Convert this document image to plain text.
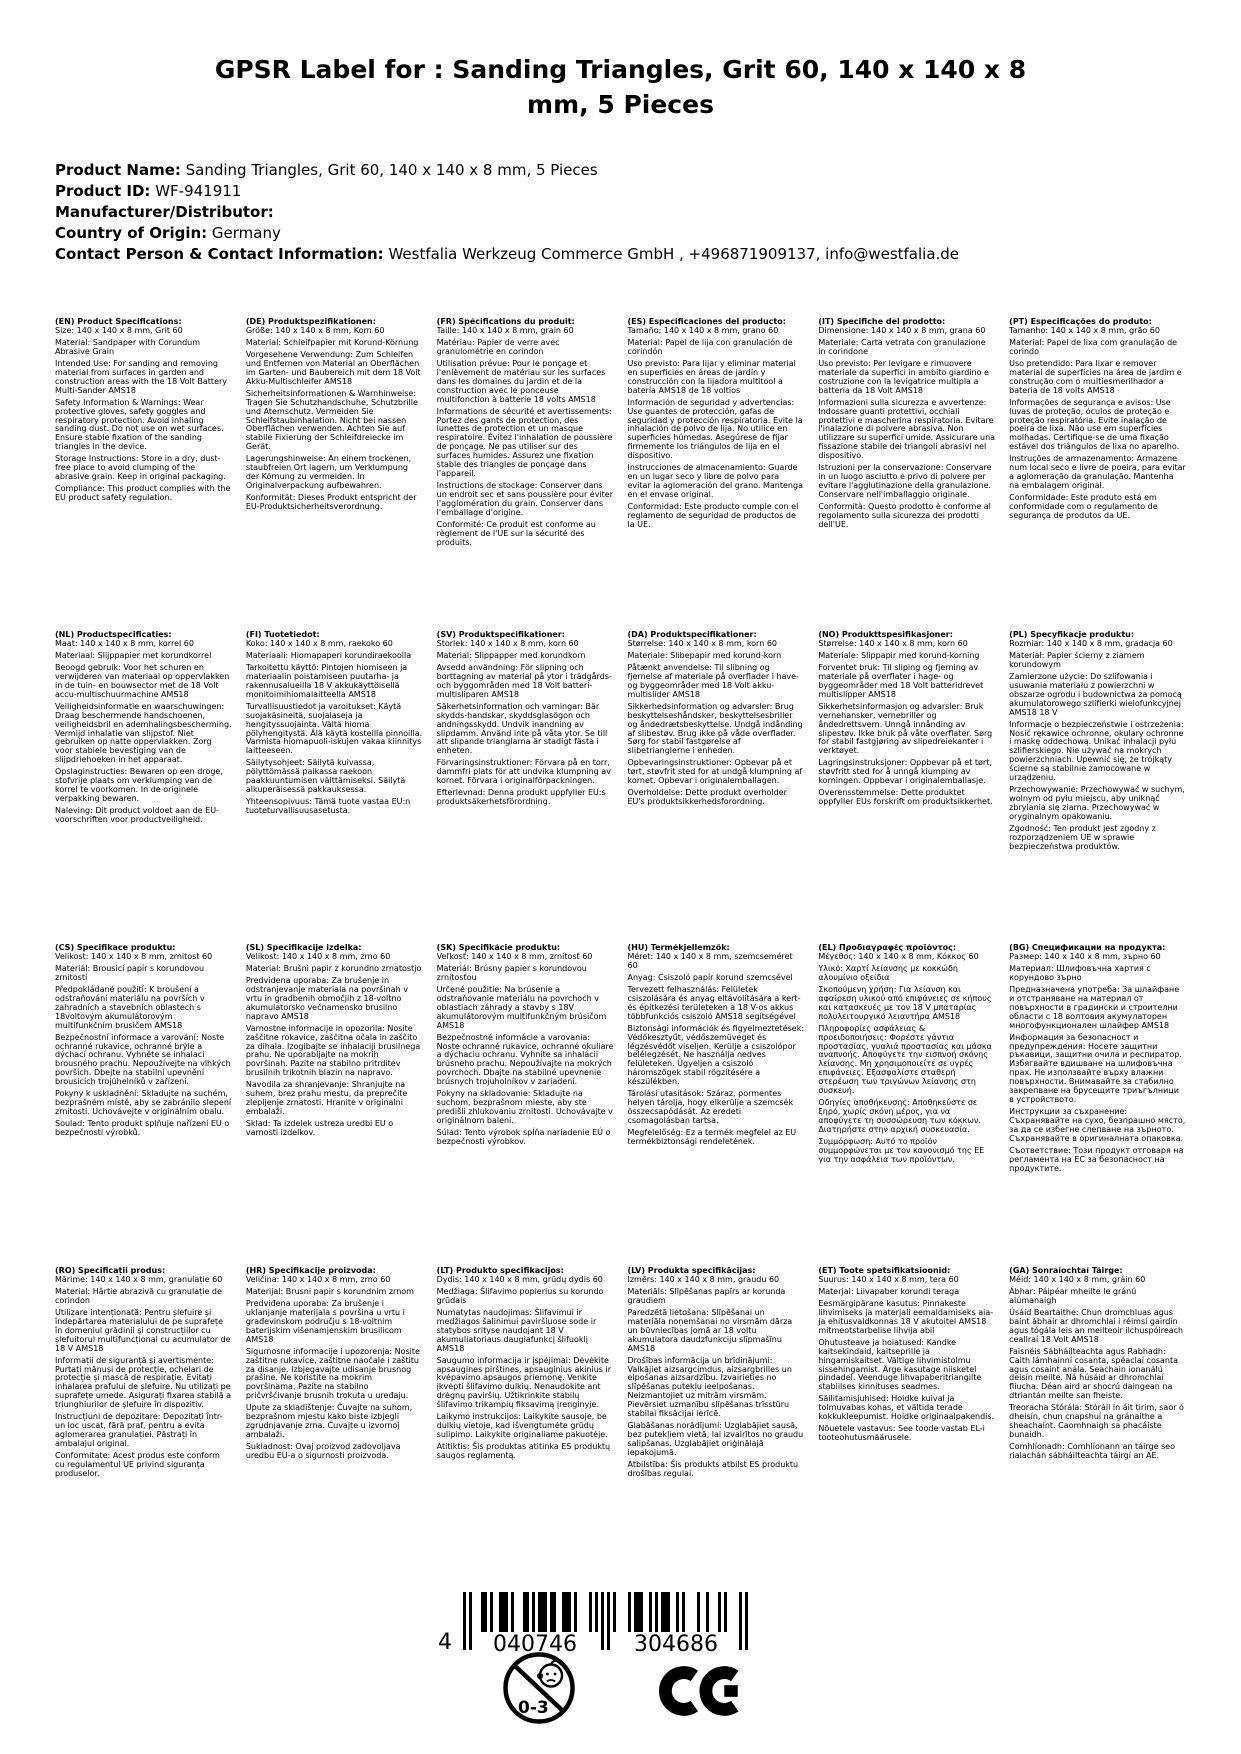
GPSR Label for : Sanding Triangles, Grit 60, 140 x 140 x 8 mm, 5 Pieces
Product Name: Sanding Triangles, Grit 60, 140 x 140 x 8 mm, 5 Pieces
Product ID: WF-941911
Manufacturer/Distributor:
Country of Origin: Germany
Contact Person & Contact Information: Westfalia Werkzeug Commerce GmbH , +496871909137, info@westfalia.de
(EN) Product Specifications:

Size: 140 x 140 x 8 mm, Grit 60

Material: Sandpaper with Corundum Abrasive Grain

Intended Use: For sanding and removing material from surfaces in garden and construction areas with the 18 Volt Battery Multi-Sander AMS18

Safety Information & Warnings: Wear protective gloves, safety goggles and respiratory protection. Avoid inhaling sanding dust. Do not use on wet surfaces. Ensure stable fixation of the sanding triangles in the device.

Storage Instructions: Store in a dry, dust-free place to avoid clumping of the abrasive grain. Keep in original packaging.

Compliance: This product complies with the EU product safety regulation.

(DE) Produktspezifikationen:

Größe: 140 x 140 x 8 mm, Korn 60

Material: Schleifpapier mit Korund-Körnung

Vorgesehene Verwendung: Zum Schleifen und Entfernen von Material an Oberflächen im Garten- und Baubereich mit dem 18 Volt Akku-Multischleifer AMS18

Sicherheitsinformationen & Warnhinweise: Tragen Sie Schutzhandschuhe, Schutzbrille und Atemschutz. Vermeiden Sie Schleifstaubinhalation. Nicht bei nassen Oberflächen verwenden. Achten Sie auf stabile Fixierung der Schleifdreiecke im Gerät.

Lagerungshinweise: An einem trockenen, staubfreien Ort lagern, um Verklumpung der Körnung zu vermeiden. In Originalverpackung aufbewahren.

Konformität: Dieses Produkt entspricht der EU-Produktsicherheitsverordnung.

(FR) Spécifications du produit:

Taille: 140 x 140 x 8 mm, grain 60

Matériau: Papier de verre avec granulométrie en corindon

Utilisation prévue: Pour le ponçage et l'enlèvement de matériau sur les surfaces dans les domaines du jardin et de la construction avec le ponceuse multifonction à batterie 18 volts AMS18

Informations de sécurité et avertissements: Portez des gants de protection, des lunettes de protection et un masque respiratoire. Évitez l'inhalation de poussière de ponçage. Ne pas utiliser sur des surfaces humides. Assurez une fixation stable des triangles de ponçage dans l'appareil.

Instructions de stockage: Conserver dans un endroit sec et sans poussière pour éviter l'agglomération du grain. Conserver dans l'emballage d'origine.

Conformité: Ce produit est conforme au règlement de l'UE sur la sécurité des produits.

(ES) Especificaciones del producto:

Tamaño: 140 x 140 x 8 mm, grano 60

Material: Papel de lija con granulación de corindón

Uso previsto: Para lijar y eliminar material en superficies en áreas de jardín y construcción con la lijadora multitool a batería AMS18 de 18 voltios

Información de seguridad y advertencias: Use guantes de protección, gafas de seguridad y protección respiratoria. Evite la inhalación de polvo de lija. No utilice en superficies húmedas. Asegúrese de fijar firmemente los triángulos de lija en el dispositivo.

Instrucciones de almacenamiento: Guarde en un lugar seco y libre de polvo para evitar la aglomeración del grano. Mantenga en el envase original.

Conformidad: Este producto cumple con el reglamento de seguridad de productos de la UE.

(IT) Specifiche del prodotto:

Dimensione: 140 x 140 x 8 mm, grana 60

Materiale: Carta vetrata con granulazione in corindone

Uso previsto: Per levigare e rimuovere materiale da superfici in ambito giardino e costruzione con la levigatrice multipla a batteria da 18 Volt AMS18

Informazioni sulla sicurezza e avvertenze: Indossare guanti protettivi, occhiali protettivi e mascherina respiratoria. Evitare l'inalazione di polvere abrasiva. Non utilizzare su superfici umide. Assicurare una fissazione stabile dei triangoli abrasivi nel dispositivo.

Istruzioni per la conservazione: Conservare in un luogo asciutto e privo di polvere per evitare l'agglutinazione della granulazione. Conservare nell'imballaggio originale.

Conformità: Questo prodotto è conforme al regolamento sulla sicurezza dei prodotti dell'UE.

(PT) Especificações do produto:

Tamanho: 140 x 140 x 8 mm, grão 60

Material: Papel de lixa com granulação de corindo

Uso pretendido: Para lixar e remover material de superfícies na área de jardim e construção com o multiesmerilhador a bateria de 18 volts AMS18

Informações de segurança e avisos: Use luvas de proteção, óculos de proteção e proteção respiratória. Evite inalação de poeira de lixa. Não use em superfícies molhadas. Certifique-se de uma fixação estável dos triângulos de lixa no aparelho.

Instruções de armazenamento: Armazene num local seco e livre de poeira, para evitar a aglomeração da granulação. Mantenha na embalagem original.

Conformidade: Este produto está em conformidade com o regulamento de segurança de produtos da UE.

(NL) Productspecificaties:

Maat: 140 x 140 x 8 mm, korrel 60

Materiaal: Slijppapier met korundkorrel

Beoogd gebruik: Voor het schuren en verwijderen van materiaal op oppervlakken in de tuin- en bouwsector met de 18 Volt accu-multischuurmachine AMS18

Veiligheidsinformatie en waarschuwingen: Draag beschermende handschoenen, veiligheidsbril en ademhalingsbescherming. Vermijd inhalatie van slijpstof. Niet gebruiken op natte oppervlakken. Zorg voor stabiele bevestiging van de slijpdriehoeken in het apparaat.

Opslaginstructies: Bewaren op een droge, stofvrije plaats om verklumping van de korrel te voorkomen. In de originele verpakking bewaren.

Naleving: Dit product voldoet aan de EU-voorschriften voor productveiligheid.

(FI) Tuotetiedot:

Koko: 140 x 140 x 8 mm, raekoko 60

Materiaali: Hiomapaperi korundiraekoolla

Tarkoitettu käyttö: Pintojen hiomiseen ja materiaalin poistamiseen puutarha- ja rakennusalueilla 18 V akkukäyttöisellä monitoimihiomalaitteella AMS18

Turvallisuustiedot ja varoitukset: Käytä suojakäsineitä, suojalaseja ja hengityssuojainta. Vältä hioma pölyhengitystä. Älä käytä kosteilla pinnoilla. Varmista hiomapuoli-iskujen vakaa kiinnitys laitteeseen.

Säilytysohjeet: Säilytä kuivassa, pölyttömässä paikassa raekoon paakkuuntumisen välttämiseksi. Säilytä alkuperäisessä pakkauksessa.

Yhteensopivuus: Tämä tuote vastaa EU:n tuoteturvallisuusasetusta.

(SV) Produktspecifikationer:

Storlek: 140 x 140 x 8 mm, korn 60

Material: Slippapper med korundkorn

Avsedd användning: För slipning och borttagning av material på ytor i trädgårds- och byggområden med 18 Volt batteri-multisliparen AMS18

Säkerhetsinformation och varningar: Bär skydds-handskar, skyddsglasögon och andningsskydd. Undvik inandning av slipdamm. Använd inte på våta ytor. Se till att slipande trianglarna är stadigt fästa i enheten.

Förvaringsinstruktioner: Förvara på en torr, dammfri plats för att undvika klumpning av kornet. Förvara i originalförpackningen.

Efterlevnad: Denna produkt uppfyller EU:s produktsäkerhetsförordning.

(DA) Produktspecifikationer:

Størrelse: 140 x 140 x 8 mm, korn 60

Materiale: Slibepapir med korund-korn

Påtænkt anvendelse: Til slibning og fjernelse af materiale på overflader i have- og byggeområder med 18 Volt akku-multislider AMS18

Sikkerhedsinformation og advarsler: Brug beskyttelseshåndsker, beskyttelsesbriller og åndedrætsbeskyttelse. Undgå indånding af slibestøv. Brug ikke på våde overflader. Sørg for stabil fastgørelse af slibetrianglerne i enheden.

Opbevaringsinstruktioner: Opbevar på et tørt, støvfrit sted for at undgå klumpning af kornet. Opbevar i originalemballagen.

Overholdelse: Dette produkt overholder EU's produktsikkerhedsforordning.

(NO) Produkttspesifikasjoner:

Størrelse: 140 x 140 x 8 mm, korn 60

Materiale: Slippapir med korund-korning

Forventet bruk: Til sliping og fjerning av materiale på overflater i hage- og byggeområder med 18 Volt batteridrevet multislipper AMS18

Sikkerhetsinformasjon og advarsler: Bruk vernehansker, vernebriller og åndedrettsvern. Unngå innånding av slipestøv. Ikke bruk på våte overflater. Sørg for stabil fastgjøring av slipedreiekanter i verktøyet.

Lagringsinstruksjoner: Oppbevar på et tørt, støvfritt sted for å unngå klumping av korningen. Oppbevar i originalemballasje.

Overensstemmelse: Dette produktet oppfyller EUs forskrift om produktsikkerhet.

(PL) Specyfikacje produktu:

Rozmiar: 140 x 140 x 8 mm, gradacja 60

Materiał: Papier ścierny z ziarnem korundowym

Zamierzone użycie: Do szlifowania i usuwania materiału z powierzchni w obszarze ogrodu i budownictwa za pomocą akumulatorowego szlifierki wielofunkcyjnej AMS18 18 V

Informacje o bezpieczeństwie i ostrzeżenia: Nosić rękawice ochronne, okulary ochronne i maskę oddechową. Unikać inhalacji pyłu szlifierskiego. Nie używać na mokrych powierzchniach. Upewnić się, że trójkąty ścierne są stabilnie zamocowane w urządzeniu.

Przechowywanie: Przechowywać w suchym, wolnym od pyłu miejscu, aby uniknąć zbrylania się ziarna. Przechowywać w oryginalnym opakowaniu.

Zgodność: Ten produkt jest zgodny z rozporządzeniem UE w sprawie bezpieczeństwa produktów.

(CS) Specifikace produktu:

Velikost: 140 x 140 x 8 mm, zrnitost 60

Materiál: Brousicí papír s korundovou zrnitostí

Předpokládané použití: K broušení a odstraňování materiálu na površích v zahradních a stavebních oblastech s 18voltovým akumulátorovým multifunkčním brusičem AMS18

Bezpečnostní informace a varování: Noste ochranné rukavice, ochranné brýle a dýchací ochranu. Vyhněte se inhalaci brousného prachu. Nepoužívejte na vlhkých površích. Dbejte na stabilní upevnění brousicích trojúhelníků v zařízení.

Pokyny k uskladnění: Skladujte na suchém, bezprašném místě, aby se zabránilo slepení zrnitosti. Uchovávejte v originálním obalu.

Soulad: Tento produkt splňuje nařízení EU o bezpečnosti výrobků.

(SL) Specifikacije izdelka:

Velikost: 140 x 140 x 8 mm, zrno 60

Material: Brušni papir z korundno zrnatostjo

Predvidena uporaba: Za brušenje in odstranjevanje materiala na površinah v vrtu in gradbenih območjih z 18-voltno akumulatorsko večnamensko brusilno napravo AMS18

Varnostne informacije in opozorila: Nosite zaščitne rokavice, zaščitna očala in zaščito za dihala. Izogibajte se inhalaciji brusilnega prahu. Ne uporabljajte na mokrih površinah. Pazite na stabilno pritrditev brusilnih trikotnih blazin na napravo.

Navodila za shranjevanje: Shranjujte na suhem, brez prahu mestu, da preprečite zlepljenje zrnatosti. Hranite v originalni embalaži.

Sklad: Ta izdelek ustreza uredbi EU o varnosti izdelkov.

(SK) Špecifikácie produktu:

Veľkosť: 140 x 140 x 8 mm, zrnitosť 60

Materiál: Brúsny papier s korundovou zrnitosťou

Určené použitie: Na brúsenie a odstraňovanie materiálu na povrchoch v oblastiach záhrady a stavby s 18V akumulátorovým multifunkčným brúsičom AMS18

Bezpečnostné informácie a varovania: Noste ochranné rukavice, ochranné okuliare a dýchaciu ochranu. Vyhnite sa inhalácii brúsneho prachu. Nepoužívajte na mokrých povrchoch. Dbajte na stabilné upevnenie brúsnych trojuholníkov v zariadení.

Pokyny na skladovanie: Skladujte na suchom, bezprašnom mieste, aby ste predišli zhlukovaniu zrnitosti. Uchovávajte v originálnom balení.

Súlad: Tento výrobok spĺňa nariadenie EÚ o bezpečnosti výrobkov.

(HU) Termékjellemzők:

Méret: 140 x 140 x 8 mm, szemcseméret 60

Anyag: Csiszoló papír korund szemcsével

Tervezett felhasználás: Felületek csiszolására és anyag eltávolítására a kert- és építkezési területeken a 18 V-os akkus többfunkciós csiszoló AMS18 segítségével

Biztonsági információk és figyelmeztetések: Védőkesztyűt, védőszemüveget és légzésvédőt viseljen. Kerülje a csiszolópor belélegzését. Ne használja nedves felületeken. Ügyeljen a csiszoló háromszögek stabil rögzítésére a készülékben.

Tárolási utasítások: Száraz, pormentes helyen tárolja, hogy elkerülje a szemcsék összecsapódását. Az eredeti csomagolásban tartsa.

Megfelelőség: Ez a termék megfelel az EU termékbiztonsági rendeletének.

(EL) Προδιαγραφές προϊόντος:

Μέγεθος: 140 x 140 x 8 mm, Κόκκος 60

Υλικό: Χαρτί λείανσης με κοκκώδη αλουμίνιο οξείδια

Σκοπούμενη χρήση: Για λείανση και αφαίρεση υλικού από επιφάνειες σε κήπους και κατασκευές με τον 18 V μπαταρίας πολυλειτουργικό λειαντήρα AMS18

Πληροφορίες ασφάλειας & προειδοποιήσεις: Φορέστε γάντια προστασίας, γυαλιά προστασίας και μάσκα αναπνοής. Αποφύγετε την εισπνοή σκόνης λείανσης. Μη χρησιμοποιείτε σε υγρές επιφάνειες. Εξασφαλίστε σταθερή στερέωση των τριγώνων λείανσης στη συσκευή.

Οδηγίες αποθήκευσης: Αποθηκεύστε σε ξηρό, χωρίς σκόνη μέρος, για να αποφύγετε τη συσσώρευση των κόκκων. Διατηρήστε στην αρχική συσκευασία.

Συμμόρφωση: Αυτό το προϊόν συμμορφώνεται με τον κανονισμό της ΕΕ για την ασφάλεια των προϊόντων.

(BG) Спецификации на продукта:

Размер: 140 x 140 x 8 mm, зърно 60

Материал: Шлифовъчна хартия с корундово зърно

Предназначена употреба: За шлайфане и отстраняване на материал от повърхности в градински и строителни области с 18 волтовия акумулаторен многофункционален шлайфер AMS18

Информация за безопасност и предупреждения: Носете защитни ръкавици, защитни очила и респиратор. Избягвайте вдишване на шлифовъчна прах. Не използвайте върху влажни повърхности. Внимавайте за стабилно закрепване на брусещите триъгълници в устройството.

Инструкции за съхранение: Съхранявайте на сухо, безпрашно място, за да се избегне слепване на зърното. Съхранявайте в оригиналната опаковка.

Съответствие: Този продукт отговаря на регламента на ЕС за безопасност на продуктите.

(RO) Specificații produs:

Mărime: 140 x 140 x 8 mm, granulație 60

Material: Hârtie abrazivă cu granulație de corindon

Utilizare intenționată: Pentru șlefuire și îndepărtarea materialului de pe suprafețe în domeniul grădinii și construcțiilor cu șlefuitorul multifuncțional cu acumulator de 18 V AMS18

Informații de siguranță și avertismente: Purtați mănuși de protecție, ochelari de protecție și mască de respirație. Evitați inhalarea prafului de șlefuire. Nu utilizați pe suprafețe umede. Asigurați fixarea stabilă a triunghiurilor de șlefuire în dispozitiv.

Instrucțiuni de depozitare: Depozitați într-un loc uscat, fără praf, pentru a evita aglomerarea granulației. Păstrați în ambalajul original.

Conformitate: Acest produs este conform cu regulamentul UE privind siguranța produselor.

(HR) Specifikacije proizvoda:

Veličina: 140 x 140 x 8 mm, zrno 60

Materijal: Brusni papir s korundnim zrnom

Predviđena uporaba: Za brušenje i uklanjanje materijala s površina u vrtu i građevinskom području s 18-voltnim baterijskim višenamjenskim brusilicom AMS18

Sigurnosne informacije i upozorenja: Nosite zaštitne rukavice, zaštitne naočale i zaštitu za disanje. Izbjegavajte udisanje brusnog prašine. Ne koristite na mokrim površinama. Pazite na stabilno pričvršćivanje brusnih trokuta u uređaju.

Upute za skladištenje: Čuvajte na suhom, bezprašnom mjestu kako biste izbjegli zgrudnjavanje zrna. Čuvajte u izvornoj ambalaži.

Sukladnost: Ovaj proizvod zadovoljava uredbu EU-a o sigurnosti proizvoda.

(LT) Produkto specifikacijos:

Dydis: 140 x 140 x 8 mm, grūdų dydis 60

Medžiaga: Šlifavimo popierius su korundo grūdais

Numatytas naudojimas: Šlifavimui ir medžiagos šalinimui paviršiuose sode ir statybos srityse naudojant 18 V akumuliatoriaus daugiafunkcį šlifuoklį AMS18

Saugumo informacija ir įspėjimai: Dėvėkite apsaugines pirštines, apsauginius akinius ir kvėpavimo apsaugos priemonę. Venkite įkvėpti šlifavimo dulkių. Nenaudokite ant drėgnų paviršių. Užtikrinkite stabilų šlifavimo trikampių fiksavimą įrenginyje.

Laikymo instrukcijos: Laikykite sausoje, be dulkių vietoje, kad išvengtumėte grūdų sulipimo. Laikykite originaliame pakuotėje.

Atitiktis: Šis produktas atitinka ES produktų saugos reglamentą.

(LV) Produkta specifikācijas:

Izmērs: 140 x 140 x 8 mm, graudu 60

Materiāls: Slīpēšanas papīrs ar korunda graudiem

Paredzētā lietošana: Slīpēšanai un materiāla noņemšanai no virsmām dārza un būvniecības jomā ar 18 voltu akumulatora daudzfunkciju slīpmašīnu AMS18

Drošības informācija un brīdinājumi: Valkājiet aizsargcimdus, aizsargbrilles un elpošanas aizsardzību. Izvairieties no slīpēšanas putekļu ieelpošanas. Neizmantojiet uz mitrām virsmām. Pievērsiet uzmanību slīpēšanas trīsstūru stabilai fiksācijai ierīcē.

Glabāšanas norādījumi: Uzglabājiet sausā, bez putekļiem vietā, lai izvairītos no graudu salipšanas. Uzglabājiet oriģinālajā iepakojumā.

Atbilstība: Šis produkts atbilst ES produktu drošības regulai.

(ET) Toote spetsifikatsioonid:

Suurus: 140 x 140 x 8 mm, tera 60

Materjal: Liivapaber korundi teraga

Eesmärgipärane kasutus: Pinnakeste lihvimiseks ja materjali eemaldamiseks aia- ja ehitusvaldkonnas 18 V akutoitel AMS18 mitmeotstarbelise lihvija abil

Ohutusteave ja hoiatused: Kandke kaitsekindaid, kaitseprille ja hingamiskaitset. Vältige lihvimistolmu sissehingamist. Ärge kasutage niisketel pindadel. Veenduge lihvapaberitriangilte stabiilses kinnituses seadmes.

Säilitamisjuhised: Hoidke kuival ja tolmuvabas kohas, et vältida terade kokkukleepumist. Hoidke originaalpakendis.

Nõuetele vastavus: See toode vastab EL-i tooteohutusmäärusele.

(GA) Sonraíochtaí Táirge:

Méid: 140 x 140 x 8 mm, gráin 60

Ábhar: Páipéar mheilte le gránú alúmanaigh

Úsáid Beartaithe: Chun dromchluas agus baint ábhair ar dhromchlaí i réimsí gairdín agus tógála leis an meilteoir ilchuspóireach ceallraí 18 Volt AMS18

Faisnéis Sábháilteachta agus Rabhadh: Caith lámhainní cosanta, spéaclaí cosanta agus cosaint anála. Seachain ionanálú deisín meilte. Ná húsáid ar dhromchlaí fliucha. Déan aird ar shocrú daingean na dtriantán meilte san fheiste.

Treoracha Stórála: Stóráil in áit tirim, saor ó dheisín, chun cnapshuí na gránaithe a sheachaint. Caomhnaigh sa phacáiste bunaidh.

Comhlíonadh: Comhlíonann an táirge seo rialachán sábháilteachta táirgí an AE.

4	040746	304686
0-3
